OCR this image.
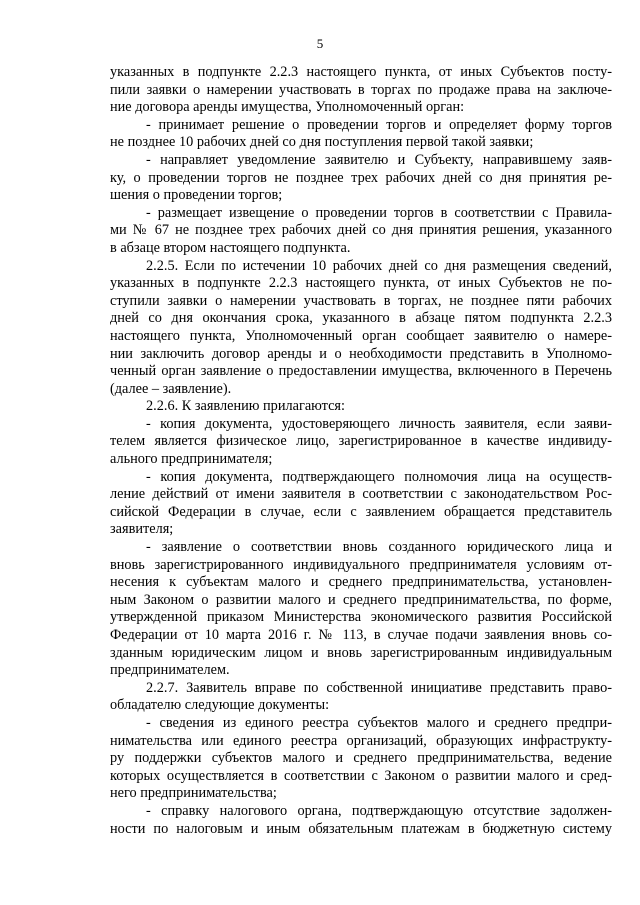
5
указанных в подпункте 2.2.3 настоящего пункта, от иных Субъектов посту-
пили заявки о намерении участвовать в торгах по продаже права на заключе-
ние договора аренды имущества, Уполномоченный орган:
- принимает решение о проведении торгов и определяет форму торгов
не позднее 10 рабочих дней со дня поступления первой такой заявки;
- направляет уведомление заявителю и Субъекту, направившему заяв-
ку, о проведении торгов не позднее трех рабочих дней со дня принятия ре-
шения о проведении торгов;
- размещает извещение о проведении торгов в соответствии с Правила-
ми № 67 не позднее трех рабочих дней со дня принятия решения, указанного
в абзаце втором настоящего подпункта.
2.2.5. Если по истечении 10 рабочих дней со дня размещения сведений,
указанных в подпункте 2.2.3 настоящего пункта, от иных Субъектов не по-
ступили заявки о намерении участвовать в торгах, не позднее пяти рабочих
дней со дня окончания срока, указанного в абзаце пятом подпункта 2.2.3
настоящего пункта, Уполномоченный орган сообщает заявителю о намере-
нии заключить договор аренды и о необходимости представить в Уполномо-
ченный орган заявление о предоставлении имущества, включенного в Перечень
(далее – заявление).
2.2.6. К заявлению прилагаются:
- копия документа, удостоверяющего личность заявителя, если заяви-
телем является физическое лицо, зарегистрированное в качестве индивиду-
ального предпринимателя;
- копия документа, подтверждающего полномочия лица на осуществ-
ление действий от имени заявителя в соответствии с законодательством Рос-
сийской Федерации в случае, если с заявлением обращается представитель
заявителя;
- заявление о соответствии вновь созданного юридического лица и
вновь зарегистрированного индивидуального предпринимателя условиям от-
несения к субъектам малого и среднего предпринимательства, установлен-
ным Законом о развитии малого и среднего предпринимательства, по форме,
утвержденной приказом Министерства экономического развития Российской
Федерации от 10 марта 2016 г. № 113, в случае подачи заявления вновь со-
зданным юридическим лицом и вновь зарегистрированным индивидуальным
предпринимателем.
2.2.7. Заявитель вправе по собственной инициативе представить право-
обладателю следующие документы:
- сведения из единого реестра субъектов малого и среднего предпри-
нимательства или единого реестра организаций, образующих инфраструкту-
ру поддержки субъектов малого и среднего предпринимательства, ведение
которых осуществляется в соответствии с Законом о развитии малого и сред-
него предпринимательства;
- справку налогового органа, подтверждающую отсутствие задолжен-
ности по налоговым и иным обязательным платежам в бюджетную систему
